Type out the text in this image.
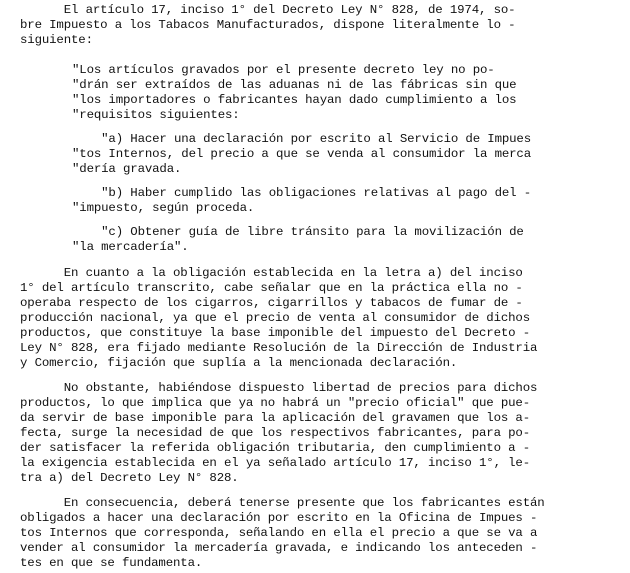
El artículo 17, inciso 1° del Decreto Ley N° 828, de 1974, so-
bre Impuesto a los Tabacos Manufacturados, dispone literalmente lo -
siguiente:
"Los artículos gravados por el presente decreto ley no po-
"drán ser extraídos de las aduanas ni de las fábricas sin que
"los importadores o fabricantes hayan dado cumplimiento a los
"requisitos siguientes:
"a) Hacer una declaración por escrito al Servicio de Impues
"tos Internos, del precio a que se venda al consumidor la merca
"dería gravada.
"b) Haber cumplido las obligaciones relativas al pago del -
"impuesto, según proceda.
"c) Obtener guía de libre tránsito para la movilización de
"la mercadería".
En cuanto a la obligación establecida en la letra a) del inciso
1° del artículo transcrito, cabe señalar que en la práctica ella no -
operaba respecto de los cigarros, cigarrillos y tabacos de fumar de -
producción nacional, ya que el precio de venta al consumidor de dichos
productos, que constituye la base imponible del impuesto del Decreto -
Ley N° 828, era fijado mediante Resolución de la Dirección de Industria
y Comercio, fijación que suplía a la mencionada declaración.
No obstante, habiéndose dispuesto libertad de precios para dichos
productos, lo que implica que ya no habrá un "precio oficial" que pue-
da servir de base imponible para la aplicación del gravamen que los a-
fecta, surge la necesidad de que los respectivos fabricantes, para po-
der satisfacer la referida obligación tributaria, den cumplimiento a -
la exigencia establecida en el ya señalado artículo 17, inciso 1°, le-
tra a) del Decreto Ley N° 828.
En consecuencia, deberá tenerse presente que los fabricantes están
obligados a hacer una declaración por escrito en la Oficina de Impues -
tos Internos que corresponda, señalando en ella el precio a que se va a
vender al consumidor la mercadería gravada, e indicando los anteceden -
tes en que se fundamenta.
